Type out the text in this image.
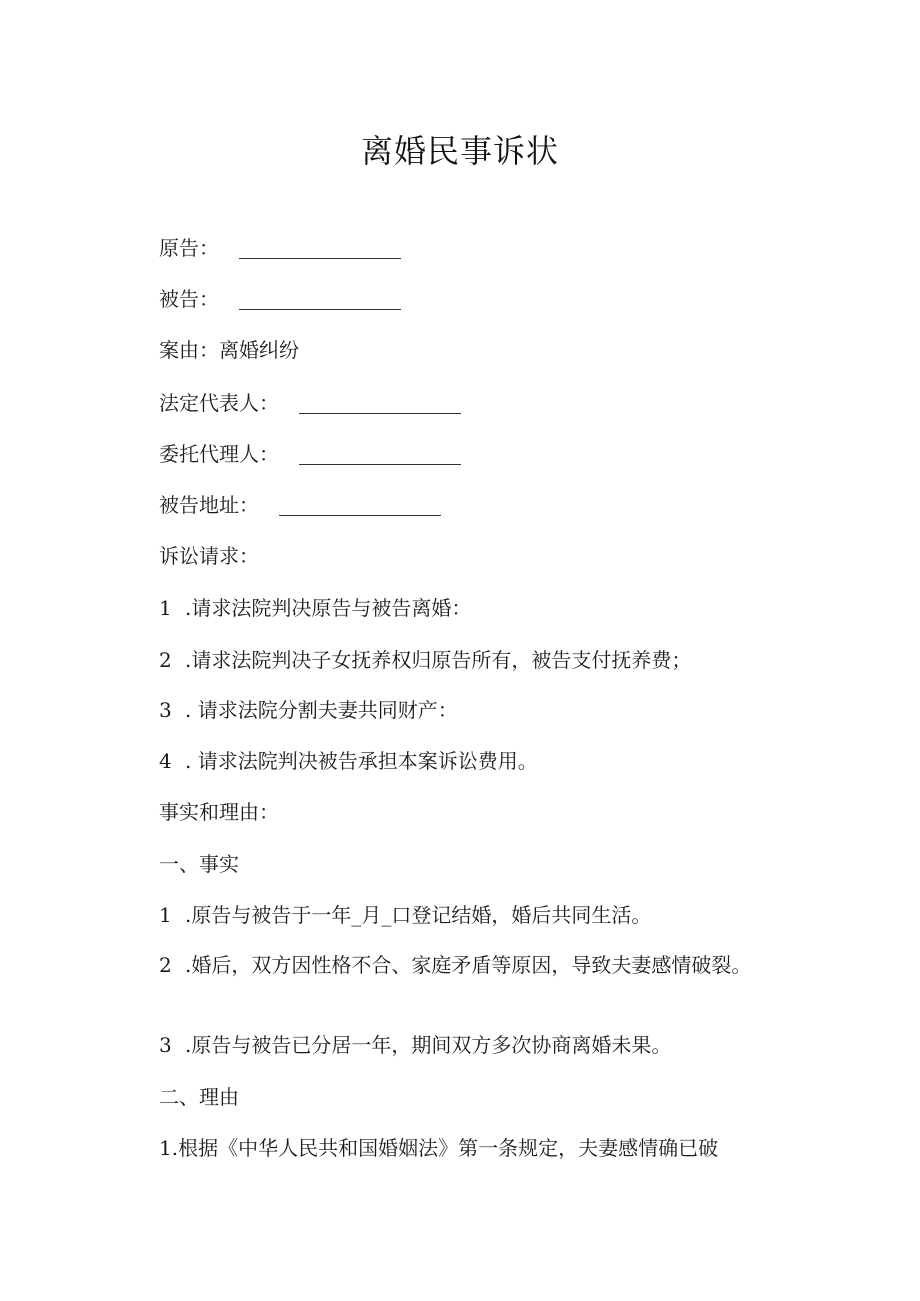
离婚民事诉状

原告：

被告：

案由：离婚纠纷

法定代表人：

委托代理人：

被告地址：

诉讼请求：

1 .请求法院判决原告与被告离婚：

2 .请求法院判决子女抚养权归原告所有，被告支付抚养费；

3 . 请求法院分割夫妻共同财产：

4 . 请求法院判决被告承担本案诉讼费用。

事实和理由：

一、事实

1 .原告与被告于一年_月_口登记结婚，婚后共同生活。

2 .婚后，双方因性格不合、家庭矛盾等原因，导致夫妻感情破裂。

3 .原告与被告已分居一年，期间双方多次协商离婚未果。

二、理由

1.根据《中华人民共和国婚姻法》第一条规定，夫妻感情确已破
